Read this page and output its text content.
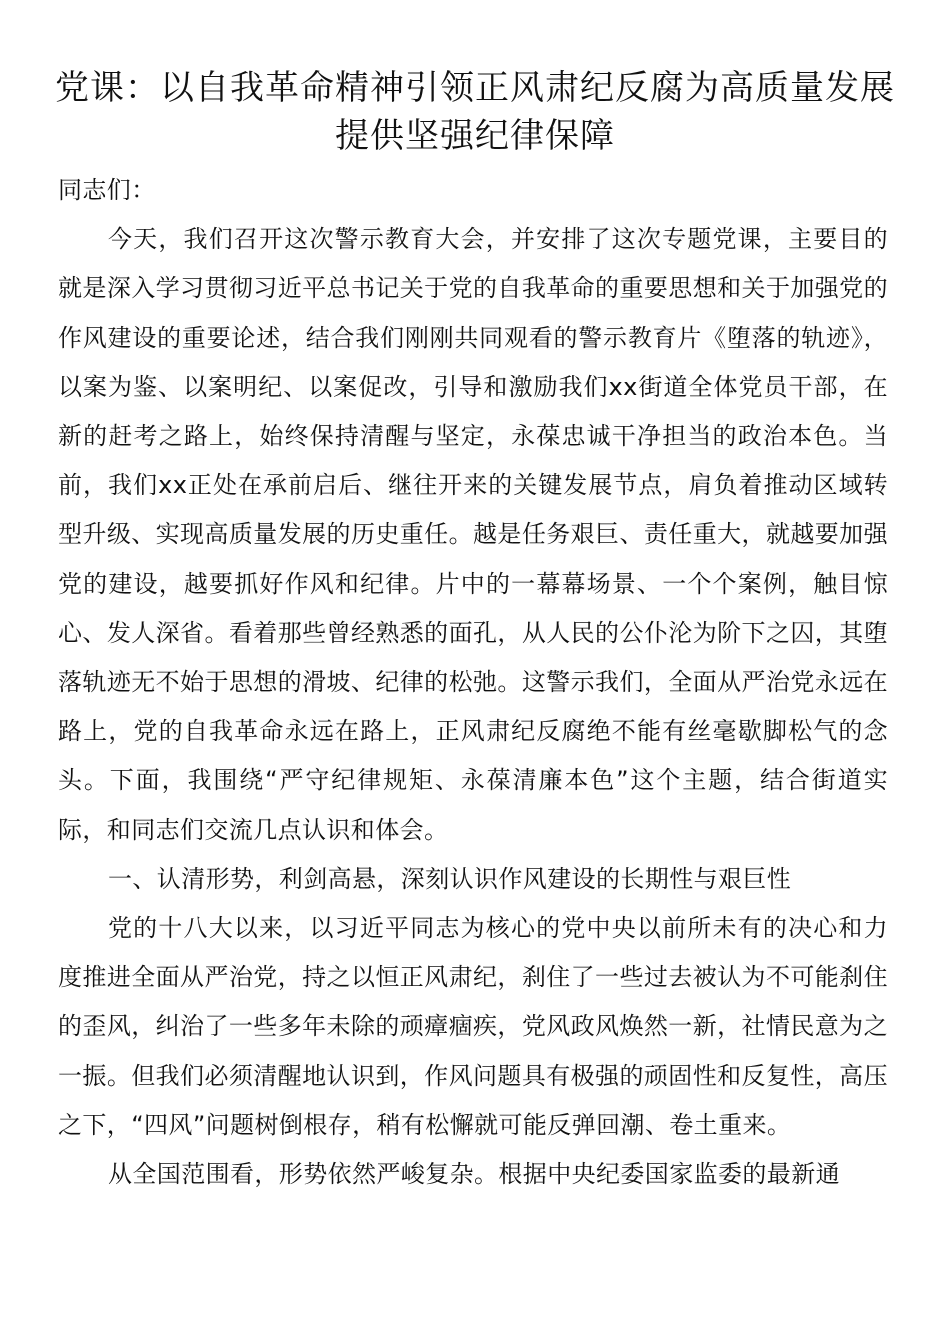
党课：以自我革命精神引领正风肃纪反腐为高质量发展提供坚强纪律保障

同志们：

今天，我们召开这次警示教育大会，并安排了这次专题党课，主要目的就是深入学习贯彻习近平总书记关于党的自我革命的重要思想和关于加强党的作风建设的重要论述，结合我们刚刚共同观看的警示教育片《堕落的轨迹》，以案为鉴、以案明纪、以案促改，引导和激励我们xx街道全体党员干部，在新的赶考之路上，始终保持清醒与坚定，永葆忠诚干净担当的政治本色。当前，我们xx正处在承前启后、继往开来的关键发展节点，肩负着推动区域转型升级、实现高质量发展的历史重任。越是任务艰巨、责任重大，就越要加强党的建设，越要抓好作风和纪律。片中的一幕幕场景、一个个案例，触目惊心、发人深省。看着那些曾经熟悉的面孔，从人民的公仆沦为阶下之囚，其堕落轨迹无不始于思想的滑坡、纪律的松弛。这警示我们，全面从严治党永远在路上，党的自我革命永远在路上，正风肃纪反腐绝不能有丝毫歇脚松气的念头。下面，我围绕“严守纪律规矩、永葆清廉本色”这个主题，结合街道实际，和同志们交流几点认识和体会。

一、认清形势，利剑高悬，深刻认识作风建设的长期性与艰巨性

党的十八大以来，以习近平同志为核心的党中央以前所未有的决心和力度推进全面从严治党，持之以恒正风肃纪，刹住了一些过去被认为不可能刹住的歪风，纠治了一些多年未除的顽瘴痼疾，党风政风焕然一新，社情民意为之一振。但我们必须清醒地认识到，作风问题具有极强的顽固性和反复性，高压之下，“四风”问题树倒根存，稍有松懈就可能反弹回潮、卷土重来。

从全国范围看，形势依然严峻复杂。根据中央纪委国家监委的最新通
